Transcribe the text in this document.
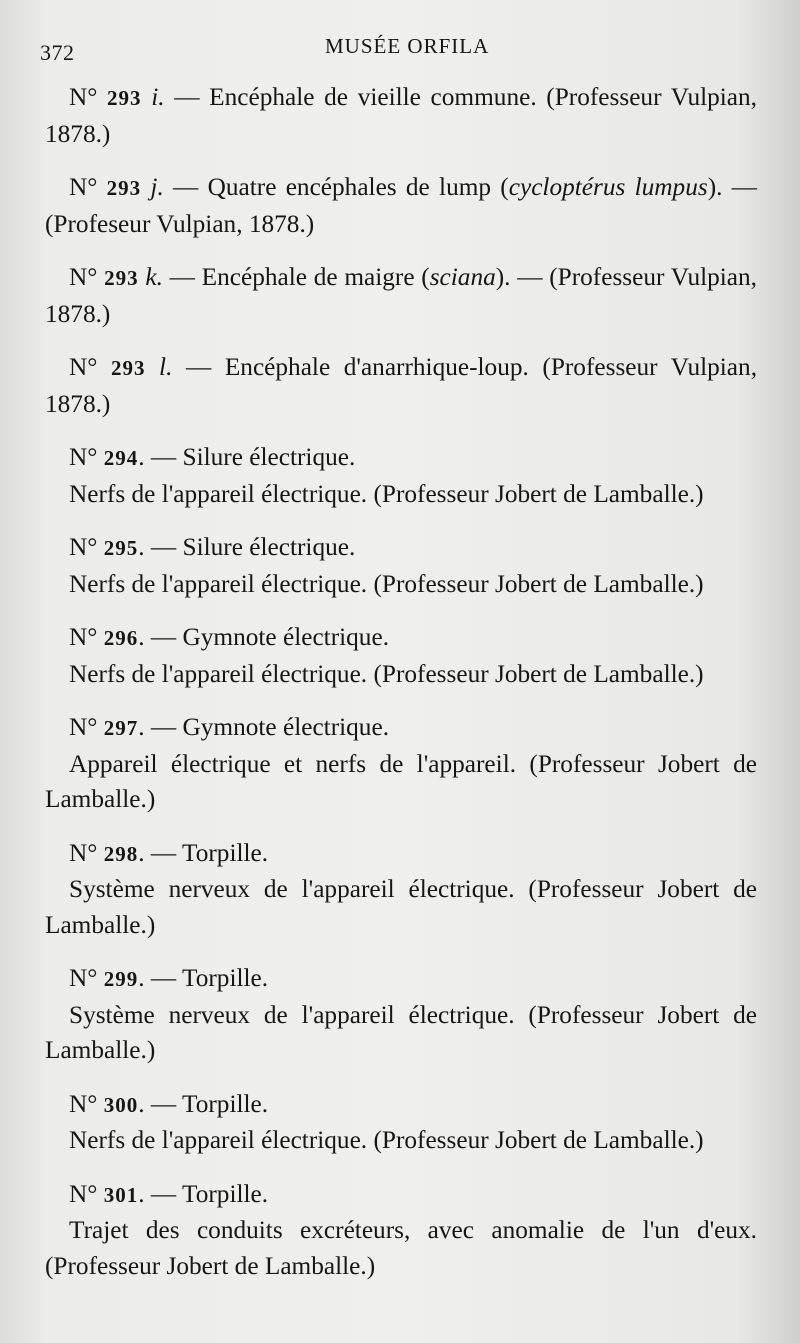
372	MUSÉE ORFILA

N° 293 i. — Encéphale de vieille commune. (Professeur Vulpian, 1878.)

N° 293 j. — Quatre encéphales de lump (cycloptérus lumpus). — (Profeseur Vulpian, 1878.)

N° 293 k. — Encéphale de maigre (sciana). — (Professeur Vulpian, 1878.)

N° 293 l. — Encéphale d'anarrhique-loup. (Professeur Vulpian, 1878.)

N° 294. — Silure électrique.

Nerfs de l'appareil électrique. (Professeur Jobert de Lamballe.)

N° 295. — Silure électrique.

Nerfs de l'appareil électrique. (Professeur Jobert de Lamballe.)

N° 296. — Gymnote électrique.

Nerfs de l'appareil électrique. (Professeur Jobert de Lamballe.)

N° 297. — Gymnote électrique.

Appareil électrique et nerfs de l'appareil. (Professeur Jobert de Lamballe.)

N° 298. — Torpille.

Système nerveux de l'appareil électrique. (Professeur Jobert de Lamballe.)

N° 299. — Torpille.

Système nerveux de l'appareil électrique. (Professeur Jobert de Lamballe.)

N° 300. — Torpille.

Nerfs de l'appareil électrique. (Professeur Jobert de Lamballe.)

N° 301. — Torpille.

Trajet des conduits excréteurs, avec anomalie de l'un d'eux. (Professeur Jobert de Lamballe.)
